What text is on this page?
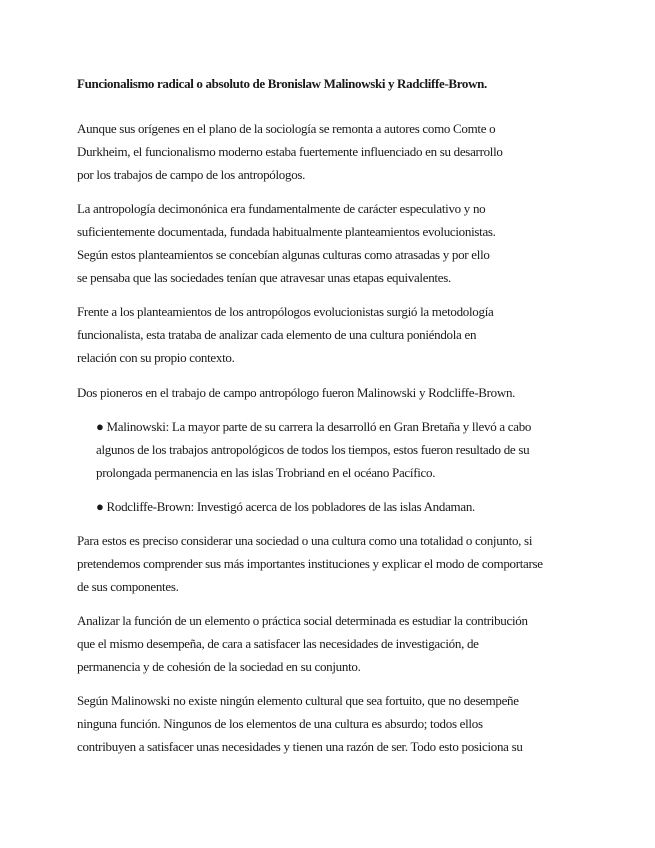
Funcionalismo radical o absoluto de Bronislaw Malinowski y Radcliffe-Brown.
Aunque sus orígenes en el plano de la sociología se remonta a autores como Comte o
Durkheim, el funcionalismo moderno estaba fuertemente influenciado en su desarrollo
por los trabajos de campo de los antropólogos.
La antropología decimonónica era fundamentalmente de carácter especulativo y no
suficientemente documentada, fundada habitualmente planteamientos evolucionistas.
Según estos planteamientos se concebían algunas culturas como atrasadas y por ello
se pensaba que las sociedades tenían que atravesar unas etapas equivalentes.
Frente a los planteamientos de los antropólogos evolucionistas surgió la metodología
funcionalista, esta trataba de analizar cada elemento de una cultura poniéndola en
relación con su propio contexto.
Dos pioneros en el trabajo de campo antropólogo fueron Malinowski y Rodcliffe-Brown.
● Malinowski: La mayor parte de su carrera la desarrolló en Gran Bretaña y llevó a cabo
algunos de los trabajos antropológicos de todos los tiempos, estos fueron resultado de su
prolongada permanencia en las islas Trobriand en el océano Pacífico.
● Rodcliffe-Brown: Investigó acerca de los pobladores de las islas Andaman.
Para estos es preciso considerar una sociedad o una cultura como una totalidad o conjunto, si
pretendemos comprender sus más importantes instituciones y explicar el modo de comportarse
de sus componentes.
Analizar la función de un elemento o práctica social determinada es estudiar la contribución
que el mismo desempeña, de cara a satisfacer las necesidades de investigación, de
permanencia y de cohesión de la sociedad en su conjunto.
Según Malinowski no existe ningún elemento cultural que sea fortuito, que no desempeñe
ninguna función. Ningunos de los elementos de una cultura es absurdo; todos ellos
contribuyen a satisfacer unas necesidades y tienen una razón de ser. Todo esto posiciona su
